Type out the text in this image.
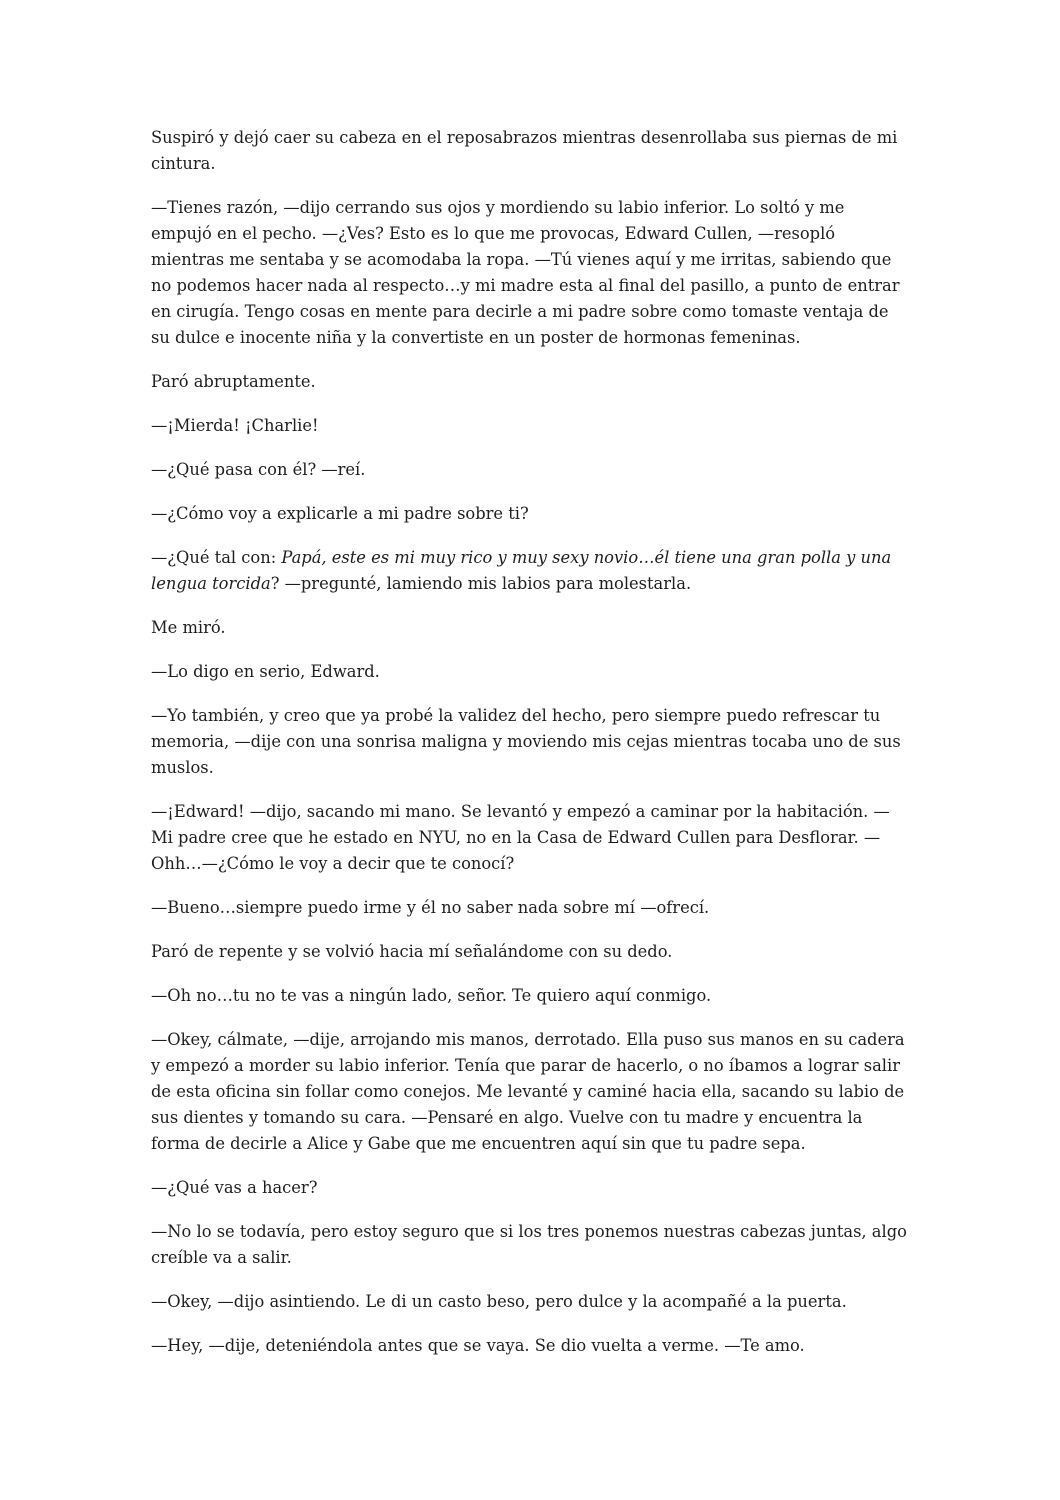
Suspiró y dejó caer su cabeza en el reposabrazos mientras desenrollaba sus piernas de mi cintura.

—Tienes razón, —dijo cerrando sus ojos y mordiendo su labio inferior. Lo soltó y me empujó en el pecho. —¿Ves? Esto es lo que me provocas, Edward Cullen, —resopló mientras me sentaba y se acomodaba la ropa. —Tú vienes aquí y me irritas, sabiendo que no podemos hacer nada al respecto…y mi madre esta al final del pasillo, a punto de entrar en cirugía. Tengo cosas en mente para decirle a mi padre sobre como tomaste ventaja de su dulce e inocente niña y la convertiste en un poster de hormonas femeninas.

Paró abruptamente.

—¡Mierda! ¡Charlie!

—¿Qué pasa con él? —reí.

—¿Cómo voy a explicarle a mi padre sobre ti?

—¿Qué tal con: Papá, este es mi muy rico y muy sexy novio…él tiene una gran polla y una lengua torcida? —pregunté, lamiendo mis labios para molestarla.

Me miró.

—Lo digo en serio, Edward.

—Yo también, y creo que ya probé la validez del hecho, pero siempre puedo refrescar tu memoria, —dije con una sonrisa maligna y moviendo mis cejas mientras tocaba uno de sus muslos.

—¡Edward! —dijo, sacando mi mano. Se levantó y empezó a caminar por la habitación. —Mi padre cree que he estado en NYU, no en la Casa de Edward Cullen para Desflorar. —Ohh…—¿Cómo le voy a decir que te conocí?

—Bueno…siempre puedo irme y él no saber nada sobre mí —ofrecí.

Paró de repente y se volvió hacia mí señalándome con su dedo.

—Oh no…tu no te vas a ningún lado, señor. Te quiero aquí conmigo.

—Okey, cálmate, —dije, arrojando mis manos, derrotado. Ella puso sus manos en su cadera y empezó a morder su labio inferior. Tenía que parar de hacerlo, o no íbamos a lograr salir de esta oficina sin follar como conejos. Me levanté y caminé hacia ella, sacando su labio de sus dientes y tomando su cara. —Pensaré en algo. Vuelve con tu madre y encuentra la forma de decirle a Alice y Gabe que me encuentren aquí sin que tu padre sepa.

—¿Qué vas a hacer?

—No lo se todavía, pero estoy seguro que si los tres ponemos nuestras cabezas juntas, algo creíble va a salir.

—Okey, —dijo asintiendo. Le di un casto beso, pero dulce y la acompañé a la puerta.

—Hey, —dije, deteniéndola antes que se vaya. Se dio vuelta a verme. —Te amo.
